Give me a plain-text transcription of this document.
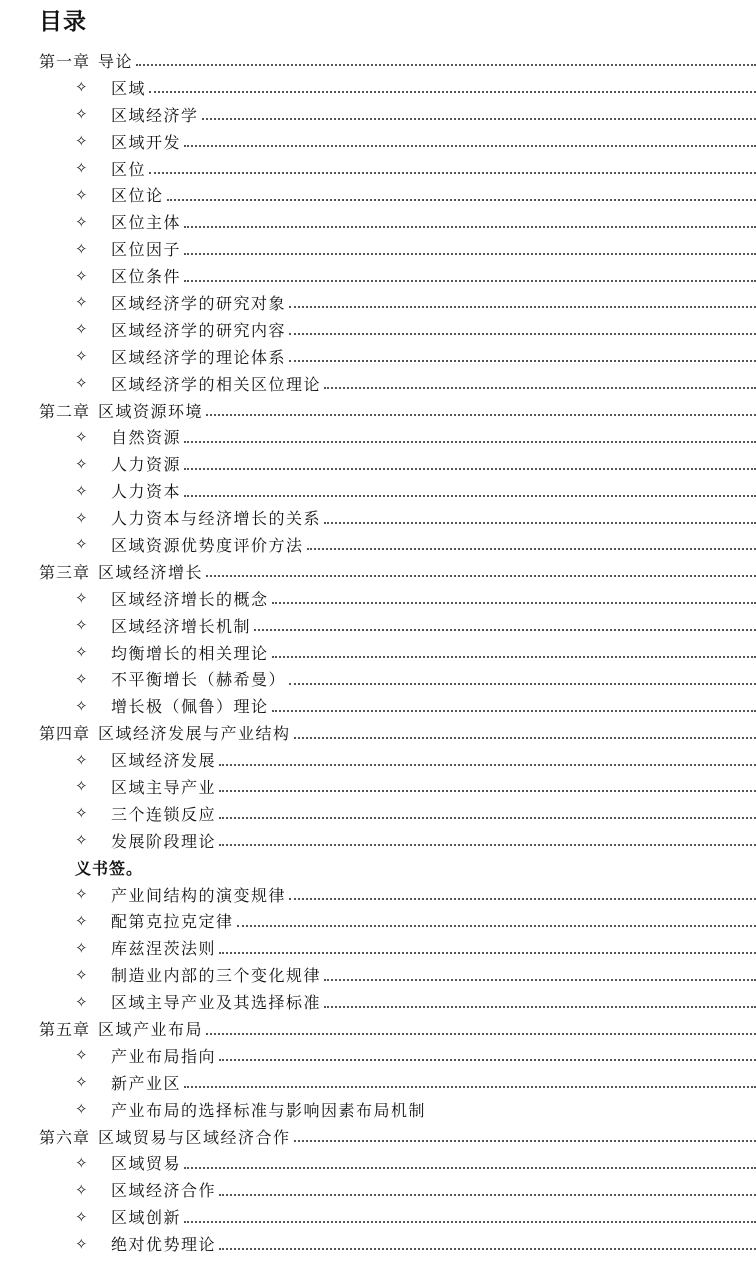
目录
第一章 导论
✧	区域
✧	区域经济学
✧	区域开发
✧	区位
✧	区位论
✧	区位主体
✧	区位因子
✧	区位条件
✧	区域经济学的研究对象
✧	区域经济学的研究内容
✧	区域经济学的理论体系
✧	区域经济学的相关区位理论
第二章 区域资源环境
✧	自然资源
✧	人力资源
✧	人力资本
✧	人力资本与经济增长的关系
✧	区域资源优势度评价方法
第三章 区域经济增长
✧	区域经济增长的概念
✧	区域经济增长机制
✧	均衡增长的相关理论
✧	不平衡增长（赫希曼）
✧	增长极（佩鲁）理论
第四章 区域经济发展与产业结构
✧	区域经济发展
✧	区域主导产业
✧	三个连锁反应
✧	发展阶段理论
义书签。
✧	产业间结构的演变规律
✧	配第克拉克定律
✧	库兹涅茨法则
✧	制造业内部的三个变化规律
✧	区域主导产业及其选择标准
第五章 区域产业布局
✧	产业布局指向
✧	新产业区
✧	产业布局的选择标准与影响因素布局机制
第六章 区域贸易与区域经济合作
✧	区域贸易
✧	区域经济合作
✧	区域创新
✧	绝对优势理论
